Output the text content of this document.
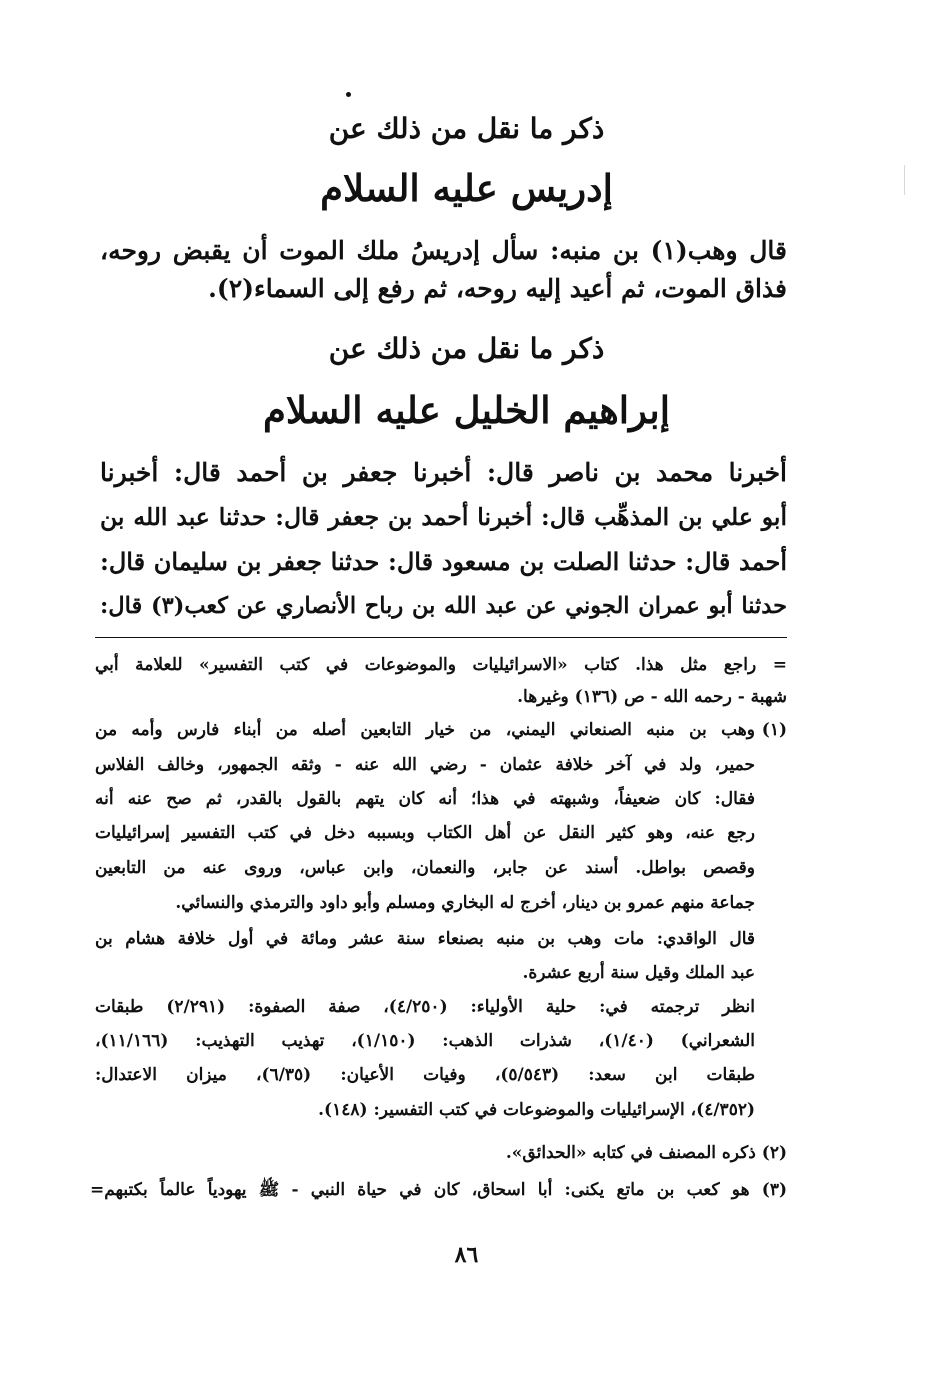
ذكر ما نقل من ذلك عن
إدريس عليه السلام

قال وهب(١) بن منبه: سأل إدريسُ ملك الموت أن يقبض روحه،

فذاق الموت، ثم أعيد إليه روحه، ثم رفع إلى السماء(٢).

ذكر ما نقل من ذلك عن
إبراهيم الخليل عليه السلام

أخبرنا محمد بن ناصر قال: أخبرنا جعفر بن أحمد قال: أخبرنا

أبو علي بن المذهِّب قال: أخبرنا أحمد بن جعفر قال: حدثنا عبد الله بن

أحمد قال: حدثنا الصلت بن مسعود قال: حدثنا جعفر بن سليمان قال:

حدثنا أبو عمران الجوني عن عبد الله بن رباح الأنصاري عن كعب(٣) قال:

= راجع مثل هذا. كتاب «الاسرائيليات والموضوعات في كتب التفسير» للعلامة أبي

شهبة - رحمه الله - ص (١٣٦) وغيرها.

(١)

وهب بن منبه الصنعاني اليمني، من خيار التابعين أصله من أبناء فارس وأمه من

حمير، ولد في آخر خلافة عثمان - رضي الله عنه - وثقه الجمهور، وخالف الفلاس

فقال: كان ضعيفاً، وشبهته في هذا؛ أنه كان يتهم بالقول بالقدر، ثم صح عنه أنه

رجع عنه، وهو كثير النقل عن أهل الكتاب وبسببه دخل في كتب التفسير إسرائيليات

وقصص بواطل. أسند عن جابر، والنعمان، وابن عباس، وروى عنه من التابعين

جماعة منهم عمرو بن دينار، أخرج له البخاري ومسلم وأبو داود والترمذي والنسائي.

قال الواقدي: مات وهب بن منبه بصنعاء سنة عشر ومائة في أول خلافة هشام بن

عبد الملك وقيل سنة أربع عشرة.

انظر ترجمته في: حلية الأولياء: (٤/٢٥٠)، صفة الصفوة: (٢/٢٩١) طبقات

الشعراني) (١/٤٠)، شذرات الذهب: (١/١٥٠)، تهذيب التهذيب: (١١/١٦٦)،

طبقات ابن سعد: (٥/٥٤٣)، وفيات الأعيان: (٦/٣٥)، ميزان الاعتدال:

(٤/٣٥٢)، الإسرائيليات والموضوعات في كتب التفسير: (١٤٨).

(٢) ذكره المصنف في كتابه «الحدائق».

(٣) هو كعب بن ماتع يكنى: أبا اسحاق، كان في حياة النبي - ﷺ يهودياً عالماً بكتبهم=

٨٦
